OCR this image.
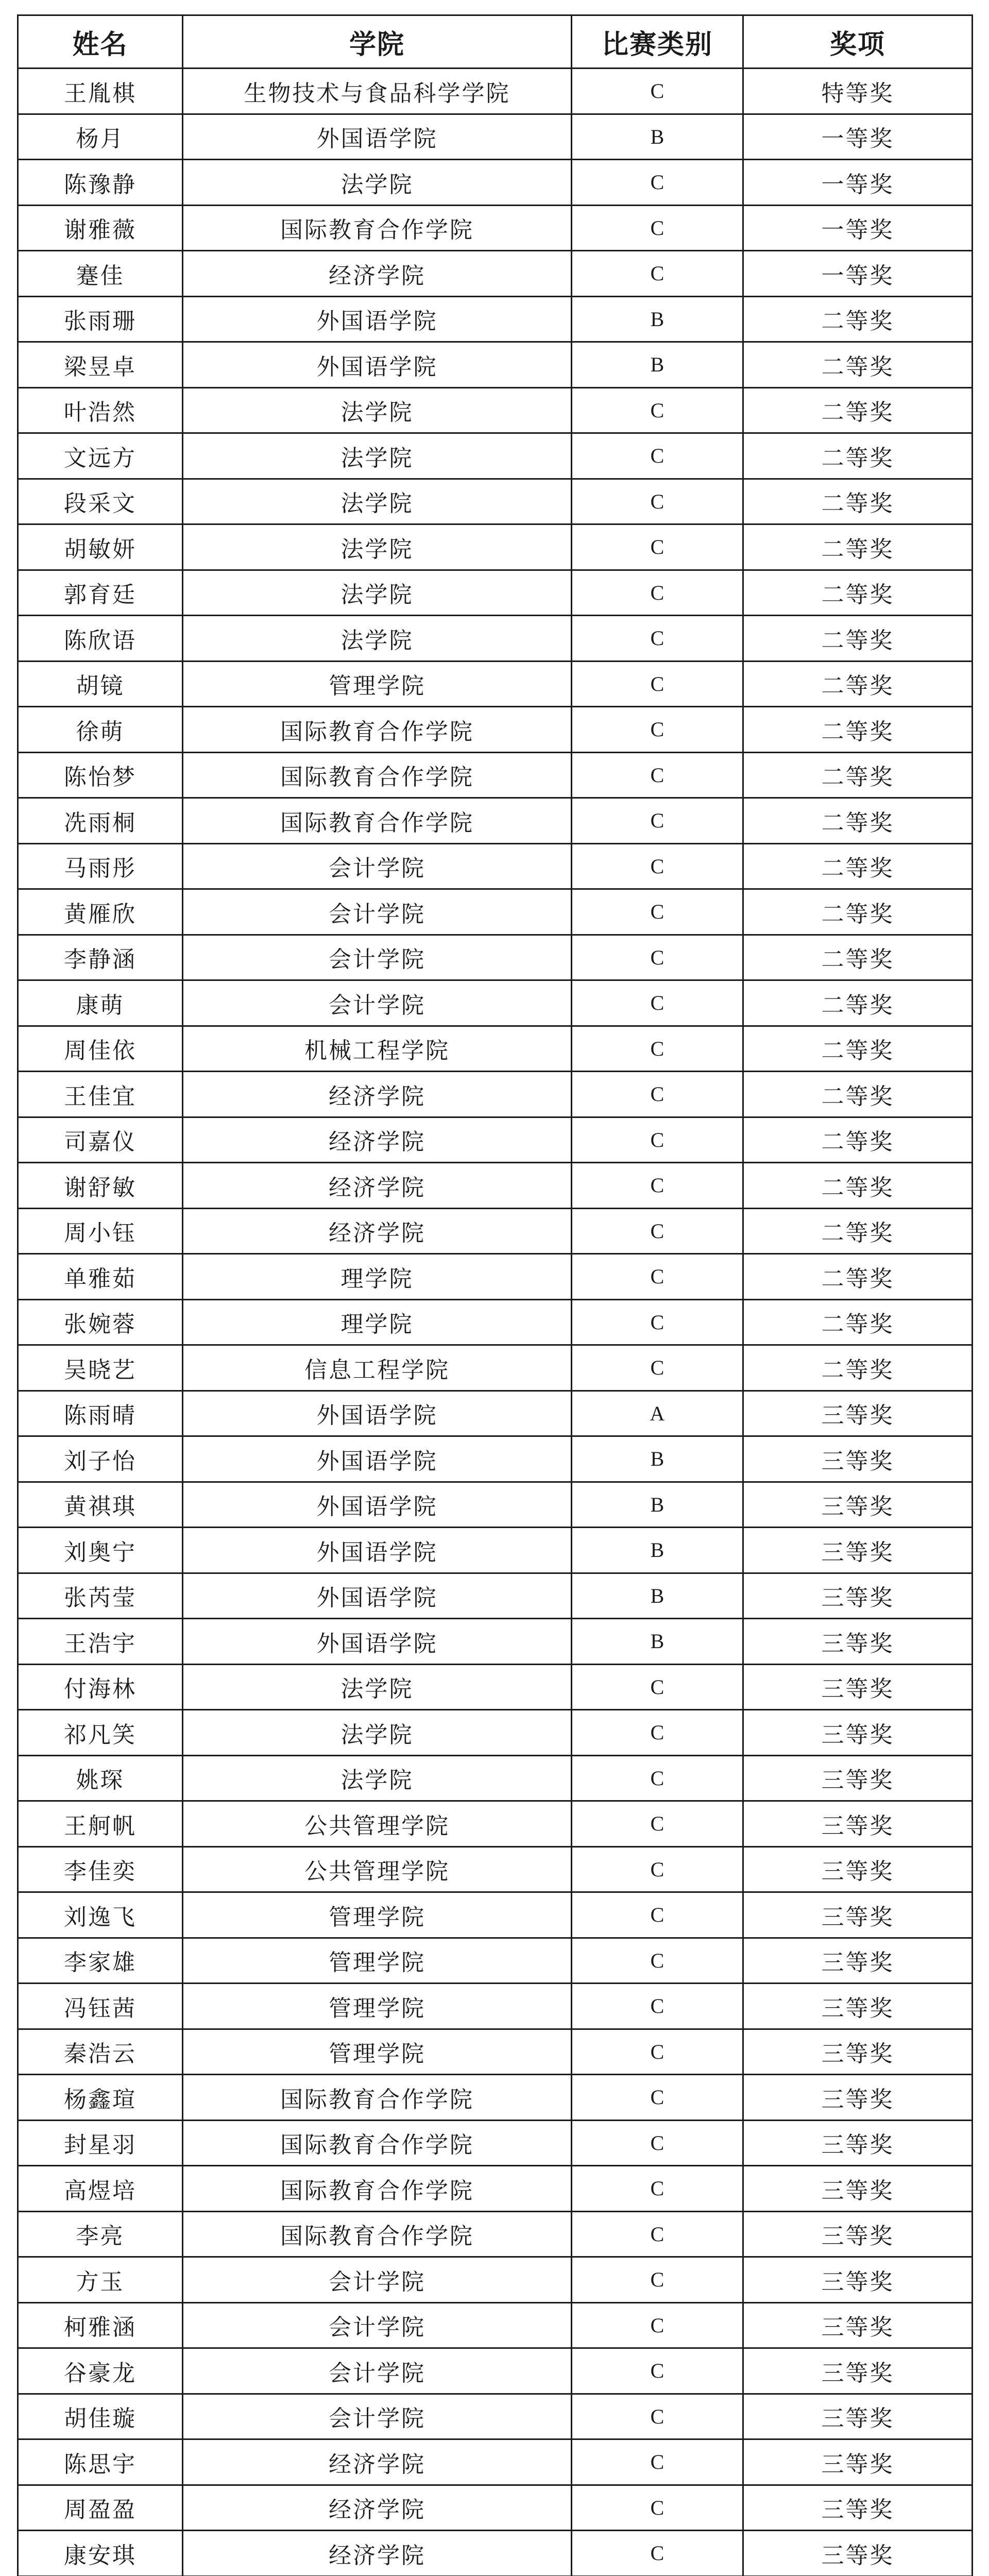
姓名	学院	比赛类别	奖项
王胤棋	生物技术与食品科学学院	C	特等奖
杨月	外国语学院	B	一等奖
陈豫静	法学院	C	一等奖
谢雅薇	国际教育合作学院	C	一等奖
蹇佳	经济学院	C	一等奖
张雨珊	外国语学院	B	二等奖
梁昱卓	外国语学院	B	二等奖
叶浩然	法学院	C	二等奖
文远方	法学院	C	二等奖
段采文	法学院	C	二等奖
胡敏妍	法学院	C	二等奖
郭育廷	法学院	C	二等奖
陈欣语	法学院	C	二等奖
胡镜	管理学院	C	二等奖
徐萌	国际教育合作学院	C	二等奖
陈怡梦	国际教育合作学院	C	二等奖
冼雨桐	国际教育合作学院	C	二等奖
马雨彤	会计学院	C	二等奖
黄雁欣	会计学院	C	二等奖
李静涵	会计学院	C	二等奖
康萌	会计学院	C	二等奖
周佳依	机械工程学院	C	二等奖
王佳宜	经济学院	C	二等奖
司嘉仪	经济学院	C	二等奖
谢舒敏	经济学院	C	二等奖
周小钰	经济学院	C	二等奖
单雅茹	理学院	C	二等奖
张婉蓉	理学院	C	二等奖
吴晓艺	信息工程学院	C	二等奖
陈雨晴	外国语学院	A	三等奖
刘子怡	外国语学院	B	三等奖
黄祺琪	外国语学院	B	三等奖
刘奥宁	外国语学院	B	三等奖
张芮莹	外国语学院	B	三等奖
王浩宇	外国语学院	B	三等奖
付海林	法学院	C	三等奖
祁凡笑	法学院	C	三等奖
姚琛	法学院	C	三等奖
王舸帆	公共管理学院	C	三等奖
李佳奕	公共管理学院	C	三等奖
刘逸飞	管理学院	C	三等奖
李家雄	管理学院	C	三等奖
冯钰茜	管理学院	C	三等奖
秦浩云	管理学院	C	三等奖
杨鑫瑄	国际教育合作学院	C	三等奖
封星羽	国际教育合作学院	C	三等奖
高煜培	国际教育合作学院	C	三等奖
李亮	国际教育合作学院	C	三等奖
方玉	会计学院	C	三等奖
柯雅涵	会计学院	C	三等奖
谷豪龙	会计学院	C	三等奖
胡佳璇	会计学院	C	三等奖
陈思宇	经济学院	C	三等奖
周盈盈	经济学院	C	三等奖
康安琪	经济学院	C	三等奖
